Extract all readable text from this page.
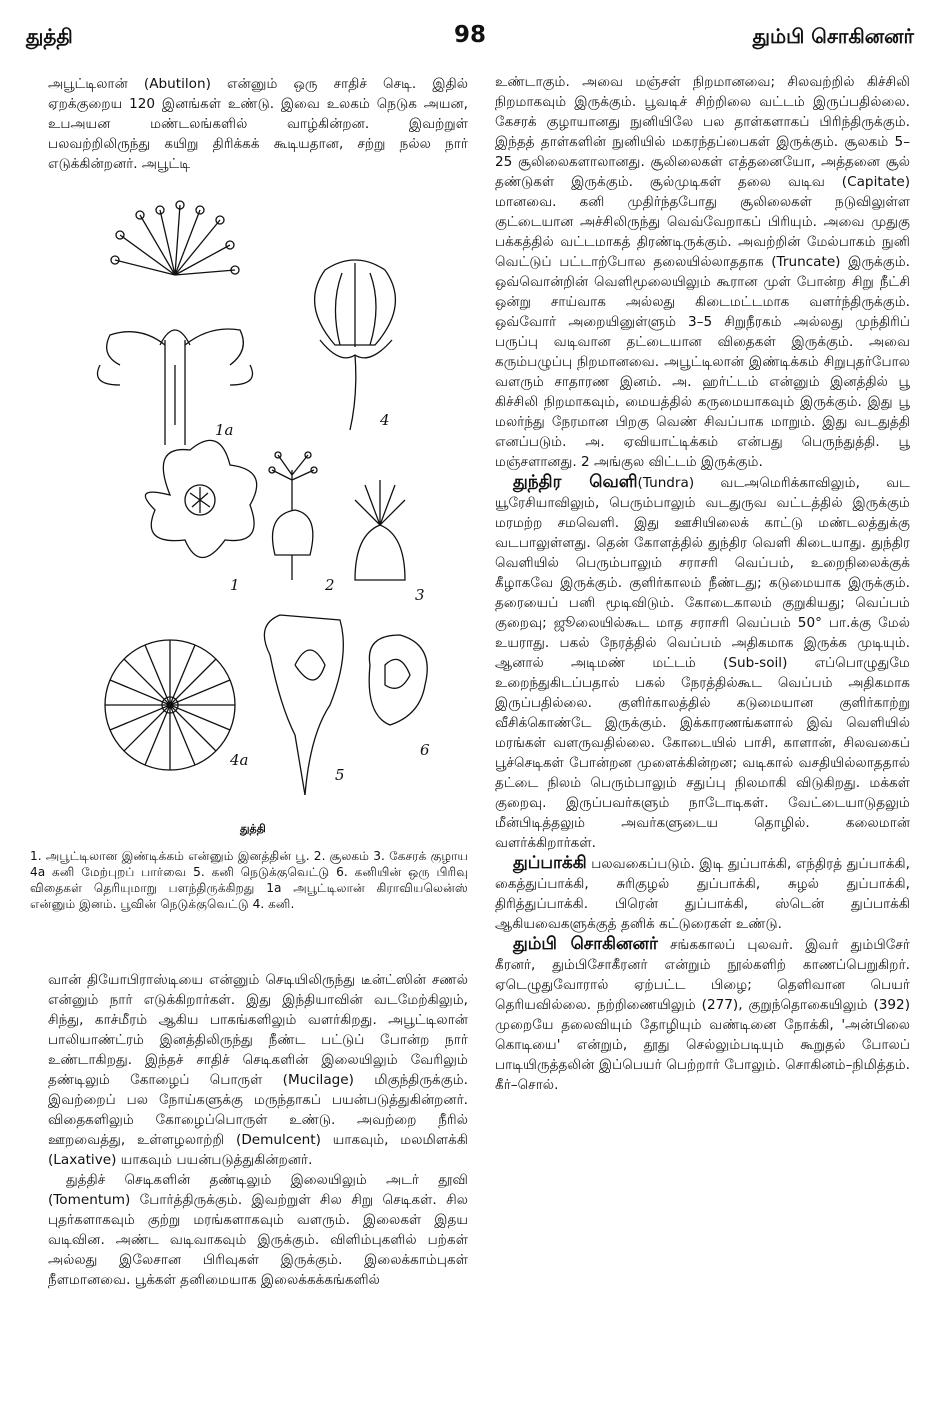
துத்தி	98	தும்பி சொகினனர்

அபூட்டிலான் (Abutilon) என்னும் ஒரு சாதிச் செடி. இதில் ஏறக்குறைய 120 இனங்கள் உண்டு. இவை உலகம் நெடுக அயன, உபஅயன மண்டலங்களில் வாழ்கின்றன. இவற்றுள் பலவற்றிலிருந்து கயிறு திரிக்கக் கூடியதான, சற்று நல்ல நார் எடுக்கின்றனர். அபூட்டி

1a
4
1	2
3
4a
5
6
துத்தி
1. அபூட்டிலான இண்டிக்கம் என்னும் இனத்தின் பூ. 2. சூலகம் 3. கேசரக் குழாய 4a கனி மேற்புறப் பார்வை 5. கனி நெடுக்குவெட்டு 6. கனியின் ஒரு பிரிவு விதைகள் தெரியுமாறு பளந்திருக்கிறது 1a அபூட்டிலான் கிராவியலென்ஸ் என்னும் இனம். பூவின் நெடுக்குவெட்டு 4. கனி.

வான் தியோபிராஸ்டியை என்னும் செடியிலிருந்து டீன்ட்ஸின் சணல் என்னும் நார் எடுக்கிறார்கள். இது இந்தியாவின் வடமேற்கிலும், சிந்து, காச்மீரம் ஆகிய பாகங்களிலும் வளர்கிறது. அபூட்டிலான் பாலியாண்ட்ரம் இனத்திலிருந்து நீண்ட பட்டுப் போன்ற நார் உண்டாகிறது. இந்தச் சாதிச் செடிகளின் இலையிலும் வேரிலும் தண்டிலும் கோழைப் பொருள் (Mucilage) மிகுந்திருக்கும். இவற்றைப் பல நோய்களுக்கு மருந்தாகப் பயன்படுத்துகின்றனர். விதைகளிலும் கோழைப்பொருள் உண்டு. அவற்றை நீரில் ஊறவைத்து, உள்ளழலாற்றி (Demulcent) யாகவும், மலமிளக்கி (Laxative) யாகவும் பயன்படுத்துகின்றனர்.

துத்திச் செடிகளின் தண்டிலும் இலையிலும் அடர் தூவி (Tomentum) போர்த்திருக்கும். இவற்றுள் சில சிறு செடிகள். சில புதர்களாகவும் குற்று மரங்களாகவும் வளரும். இலைகள் இதய வடிவின. அண்ட வடிவாகவும் இருக்கும். விளிம்புகளில் பற்கள் அல்லது இலேசான பிரிவுகள் இருக்கும். இலைக்காம்புகள் நீளமானவை. பூக்கள் தனிமையாக இலைக்கக்கங்களில்

உண்டாகும். அவை மஞ்சள் நிறமானவை; சிலவற்றில் கிச்சிலி நிறமாகவும் இருக்கும். பூவடிச் சிற்றிலை வட்டம் இருப்பதில்லை. கேசரக் குழாயானது நுனியிலே பல தாள்களாகப் பிரிந்திருக்கும். இந்தத் தாள்களின் நுனியில் மகரந்தப்பைகள் இருக்கும். சூலகம் 5–25 சூலிலைகளாலானது. சூலிலைகள் எத்தனையோ, அத்தனை சூல் தண்டுகள் இருக்கும். சூல்முடிகள் தலை வடிவ (Capitate) மானவை. கனி முதிர்ந்தபோது சூலிலைகள் நடுவிலுள்ள குட்டையான அச்சிலிருந்து வெவ்வேறாகப் பிரியும். அவை முதுகு பக்கத்தில் வட்டமாகத் திரண்டிருக்கும். அவற்றின் மேல்பாகம் நுனி வெட்டுப் பட்டாற்போல தலையில்லாததாக (Truncate) இருக்கும். ஒவ்வொன்றின் வெளிமூலையிலும் கூரான முள் போன்ற சிறு நீட்சி ஒன்று சாய்வாக அல்லது கிடைமட்டமாக வளர்ந்திருக்கும். ஒவ்வோர் அறையினுள்ளும் 3–5 சிறுநீரகம் அல்லது முந்திரிப் பருப்பு வடிவான தட்டையான விதைகள் இருக்கும். அவை கரும்பழுப்பு நிறமானவை. அபூட்டிலான் இண்டிக்கம் சிறுபுதர்போல வளரும் சாதாரண இனம். அ. ஹர்ட்டம் என்னும் இனத்தில் பூ கிச்சிலி நிறமாகவும், மையத்தில் கருமையாகவும் இருக்கும். இது பூ மலர்ந்து நேரமான பிறகு வெண் சிவப்பாக மாறும். இது வடதுத்தி எனப்படும். அ. ஏவியாட்டிக்கம் என்பது பெருந்துத்தி. பூ மஞ்சளானது. 2 அங்குல விட்டம் இருக்கும்.

துந்திர வெளி(Tundra) வடஅமெரிக்காவிலும், வட யூரேசியாவிலும், பெரும்பாலும் வடதுருவ வட்டத்தில் இருக்கும் மரமற்ற சமவெளி. இது ஊசியிலைக் காட்டு மண்டலத்துக்கு வடபாலுள்ளது. தென் கோளத்தில் துந்திர வெளி கிடையாது. துந்திர வெளியில் பெரும்பாலும் சராசரி வெப்பம், உறைநிலைக்குக் கீழாகவே இருக்கும். குளிர்காலம் நீண்டது; கடுமையாக இருக்கும். தரையைப் பனி மூடிவிடும். கோடைகாலம் குறுகியது; வெப்பம் குறைவு; ஜூலையில்கூட மாத சராசரி வெப்பம் 50° பா.க்கு மேல் உயராது. பகல் நேரத்தில் வெப்பம் அதிகமாக இருக்க முடியும். ஆனால் அடிமண் மட்டம் (Sub-soil) எப்பொழுதுமே உறைந்துகிடப்பதால் பகல் நேரத்தில்கூட வெப்பம் அதிகமாக இருப்பதில்லை. குளிர்காலத்தில் கடுமையான குளிர்காற்று வீசிக்கொண்டே இருக்கும். இக்காரணங்களால் இவ் வெளியில் மரங்கள் வளருவதில்லை. கோடையில் பாசி, காளான், சிலவகைப் பூச்செடிகள் போன்றன முளைக்கின்றன; வடிகால் வசதியில்லாததால் தட்டை நிலம் பெரும்பாலும் சதுப்பு நிலமாகி விடுகிறது. மக்கள் குறைவு. இருப்பவர்களும் நாடோடிகள். வேட்டையாடுதலும் மீன்பிடித்தலும் அவர்களுடைய தொழில். கலைமான் வளர்க்கிறார்கள்.

துப்பாக்கி பலவகைப்படும். இடி துப்பாக்கி, எந்திரத் துப்பாக்கி, கைத்துப்பாக்கி, சுரிகுழல் துப்பாக்கி, சுழல் துப்பாக்கி, திரித்துப்பாக்கி. பிரென் துப்பாக்கி, ஸ்டென் துப்பாக்கி ஆகியவைகளுக்குத் தனிக் கட்டுரைகள் உண்டு.

தும்பி சொகினனர் சங்ககாலப் புலவர். இவர் தும்பிசேர் கீரனர், தும்பிசோகீரனர் என்றும் நூல்களிற் காணப்பெறுகிறர். ஏடெழுதுவோரால் ஏற்பட்ட பிழை; தெளிவான பெயர் தெரியவில்லை. நற்றிணையிலும் (277), குறுந்தொகையிலும் (392) முறையே தலைவியும் தோழியும் வண்டினை நோக்கி, 'அன்பிலை கொடியை' என்றும், தூது செல்லும்படியும் கூறுதல் போலப் பாடியிருத்தலின் இப்பெயர் பெற்றார் போலும். சொகினம்–நிமித்தம். கீர்–சொல்.
